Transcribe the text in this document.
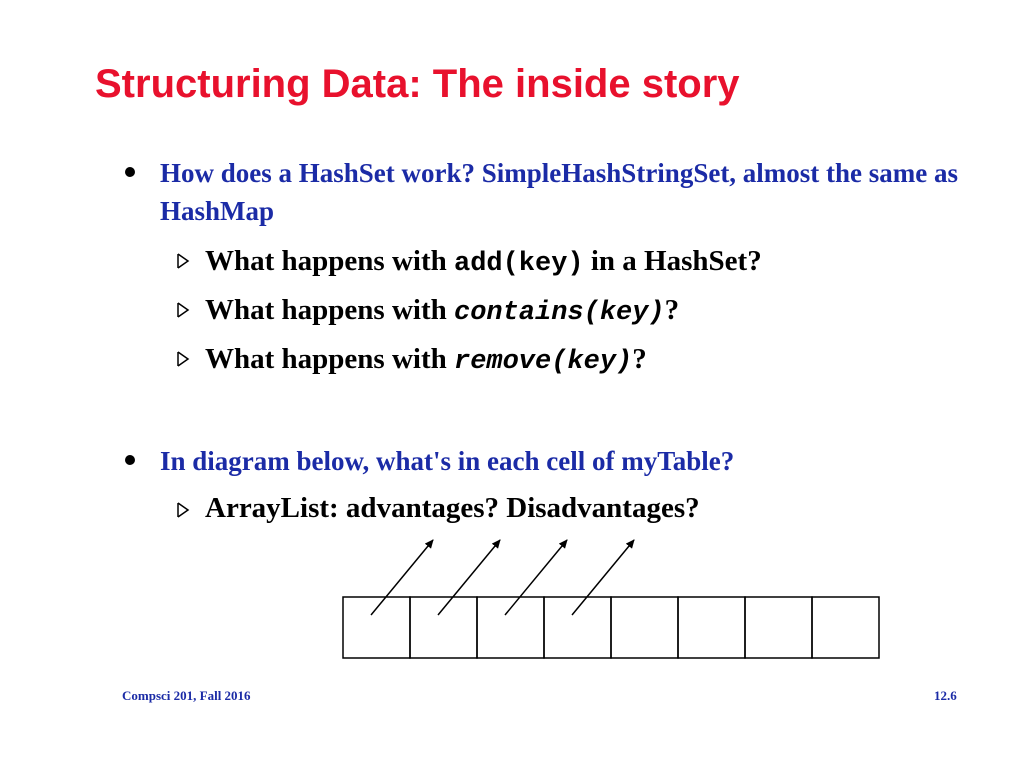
Structuring Data: The inside story
How does a HashSet work? SimpleHashStringSet, almost the same as HashMap
What happens with add(key) in a HashSet?
What happens with contains(key)?
What happens with remove(key)?
In diagram below, what's in each cell of myTable?
ArrayList: advantages? Disadvantages?
Compsci 201, Fall 2016	12.6
